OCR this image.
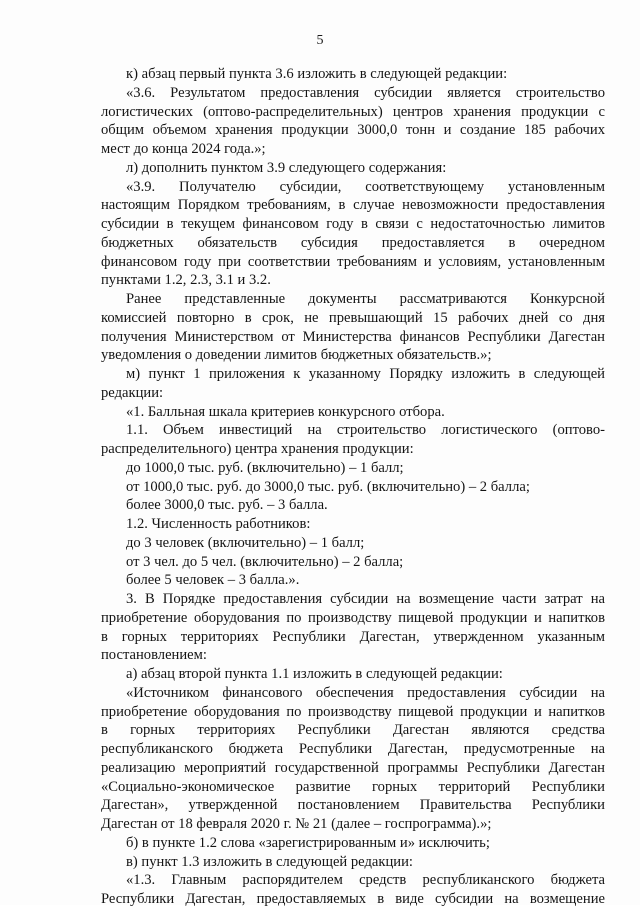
5
к) абзац первый пункта 3.6 изложить в следующей редакции:
«3.6. Результатом предоставления субсидии является строительство
логистических (оптово-распределительных) центров хранения продукции с
общим объемом хранения продукции 3000,0 тонн и создание 185 рабочих
мест до конца 2024 года.»;
л) дополнить пунктом 3.9 следующего содержания:
«3.9. Получателю субсидии, соответствующему установленным
настоящим Порядком требованиям, в случае невозможности предоставления
субсидии в текущем финансовом году в связи с недостаточностью лимитов
бюджетных обязательств субсидия предоставляется в очередном
финансовом году при соответствии требованиям и условиям, установленным
пунктами 1.2, 2.3, 3.1 и 3.2.
Ранее представленные документы рассматриваются Конкурсной
комиссией повторно в срок, не превышающий 15 рабочих дней со дня
получения Министерством от Министерства финансов Республики Дагестан
уведомления о доведении лимитов бюджетных обязательств.»;
м) пункт 1 приложения к указанному Порядку изложить в следующей
редакции:
«1. Балльная шкала критериев конкурсного отбора.
1.1. Объем инвестиций на строительство логистического (оптово-
распределительного) центра хранения продукции:
до 1000,0 тыс. руб. (включительно) – 1 балл;
от 1000,0 тыс. руб. до 3000,0 тыс. руб. (включительно) – 2 балла;
более 3000,0 тыс. руб. – 3 балла.
1.2. Численность работников:
до 3 человек (включительно) – 1 балл;
от 3 чел. до 5 чел. (включительно) – 2 балла;
более 5 человек – 3 балла.».
3. В Порядке предоставления субсидии на возмещение части затрат на
приобретение оборудования по производству пищевой продукции и напитков
в горных территориях Республики Дагестан, утвержденном указанным
постановлением:
а) абзац второй пункта 1.1 изложить в следующей редакции:
«Источником финансового обеспечения предоставления субсидии на
приобретение оборудования по производству пищевой продукции и напитков
в горных территориях Республики Дагестан являются средства
республиканского бюджета Республики Дагестан, предусмотренные на
реализацию мероприятий государственной программы Республики Дагестан
«Социально-экономическое развитие горных территорий Республики
Дагестан», утвержденной постановлением Правительства Республики
Дагестан от 18 февраля 2020 г. № 21 (далее – госпрограмма).»;
б) в пункте 1.2 слова «зарегистрированным и» исключить;
в) пункт 1.3 изложить в следующей редакции:
«1.3. Главным распорядителем средств республиканского бюджета
Республики Дагестан, предоставляемых в виде субсидии на возмещение
